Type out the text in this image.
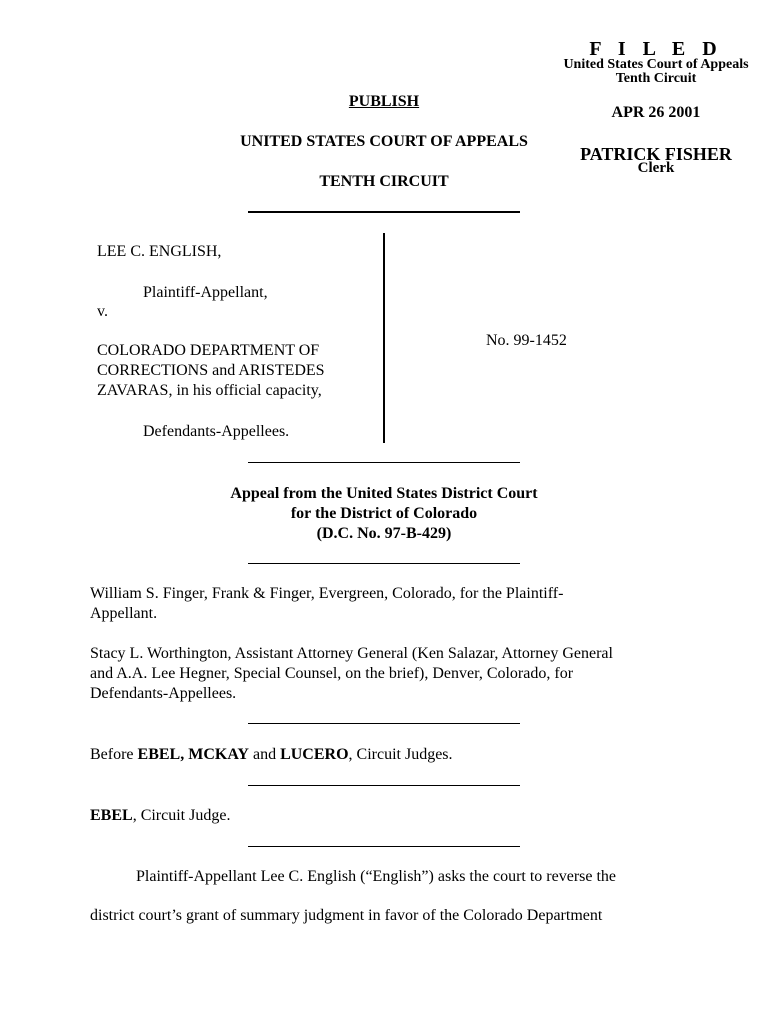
F I L E D
United States Court of Appeals
Tenth Circuit
APR 26 2001
PATRICK FISHER
Clerk
PUBLISH
UNITED STATES COURT OF APPEALS
TENTH CIRCUIT
LEE C. ENGLISH,
Plaintiff-Appellant,
v.
COLORADO DEPARTMENT OF
CORRECTIONS and ARISTEDES
ZAVARAS, in his official capacity,
Defendants-Appellees.
No. 99-1452
Appeal from the United States District Court
for the District of Colorado
(D.C. No. 97-B-429)
William S. Finger, Frank & Finger, Evergreen, Colorado, for the Plaintiff-
Appellant.
Stacy L. Worthington, Assistant Attorney General (Ken Salazar, Attorney General
and A.A. Lee Hegner, Special Counsel, on the brief), Denver, Colorado, for
Defendants-Appellees.
Before EBEL, MCKAY and LUCERO, Circuit Judges.
EBEL, Circuit Judge.
Plaintiff-Appellant Lee C. English (“English”) asks the court to reverse the
district court’s grant of summary judgment in favor of the Colorado Department
